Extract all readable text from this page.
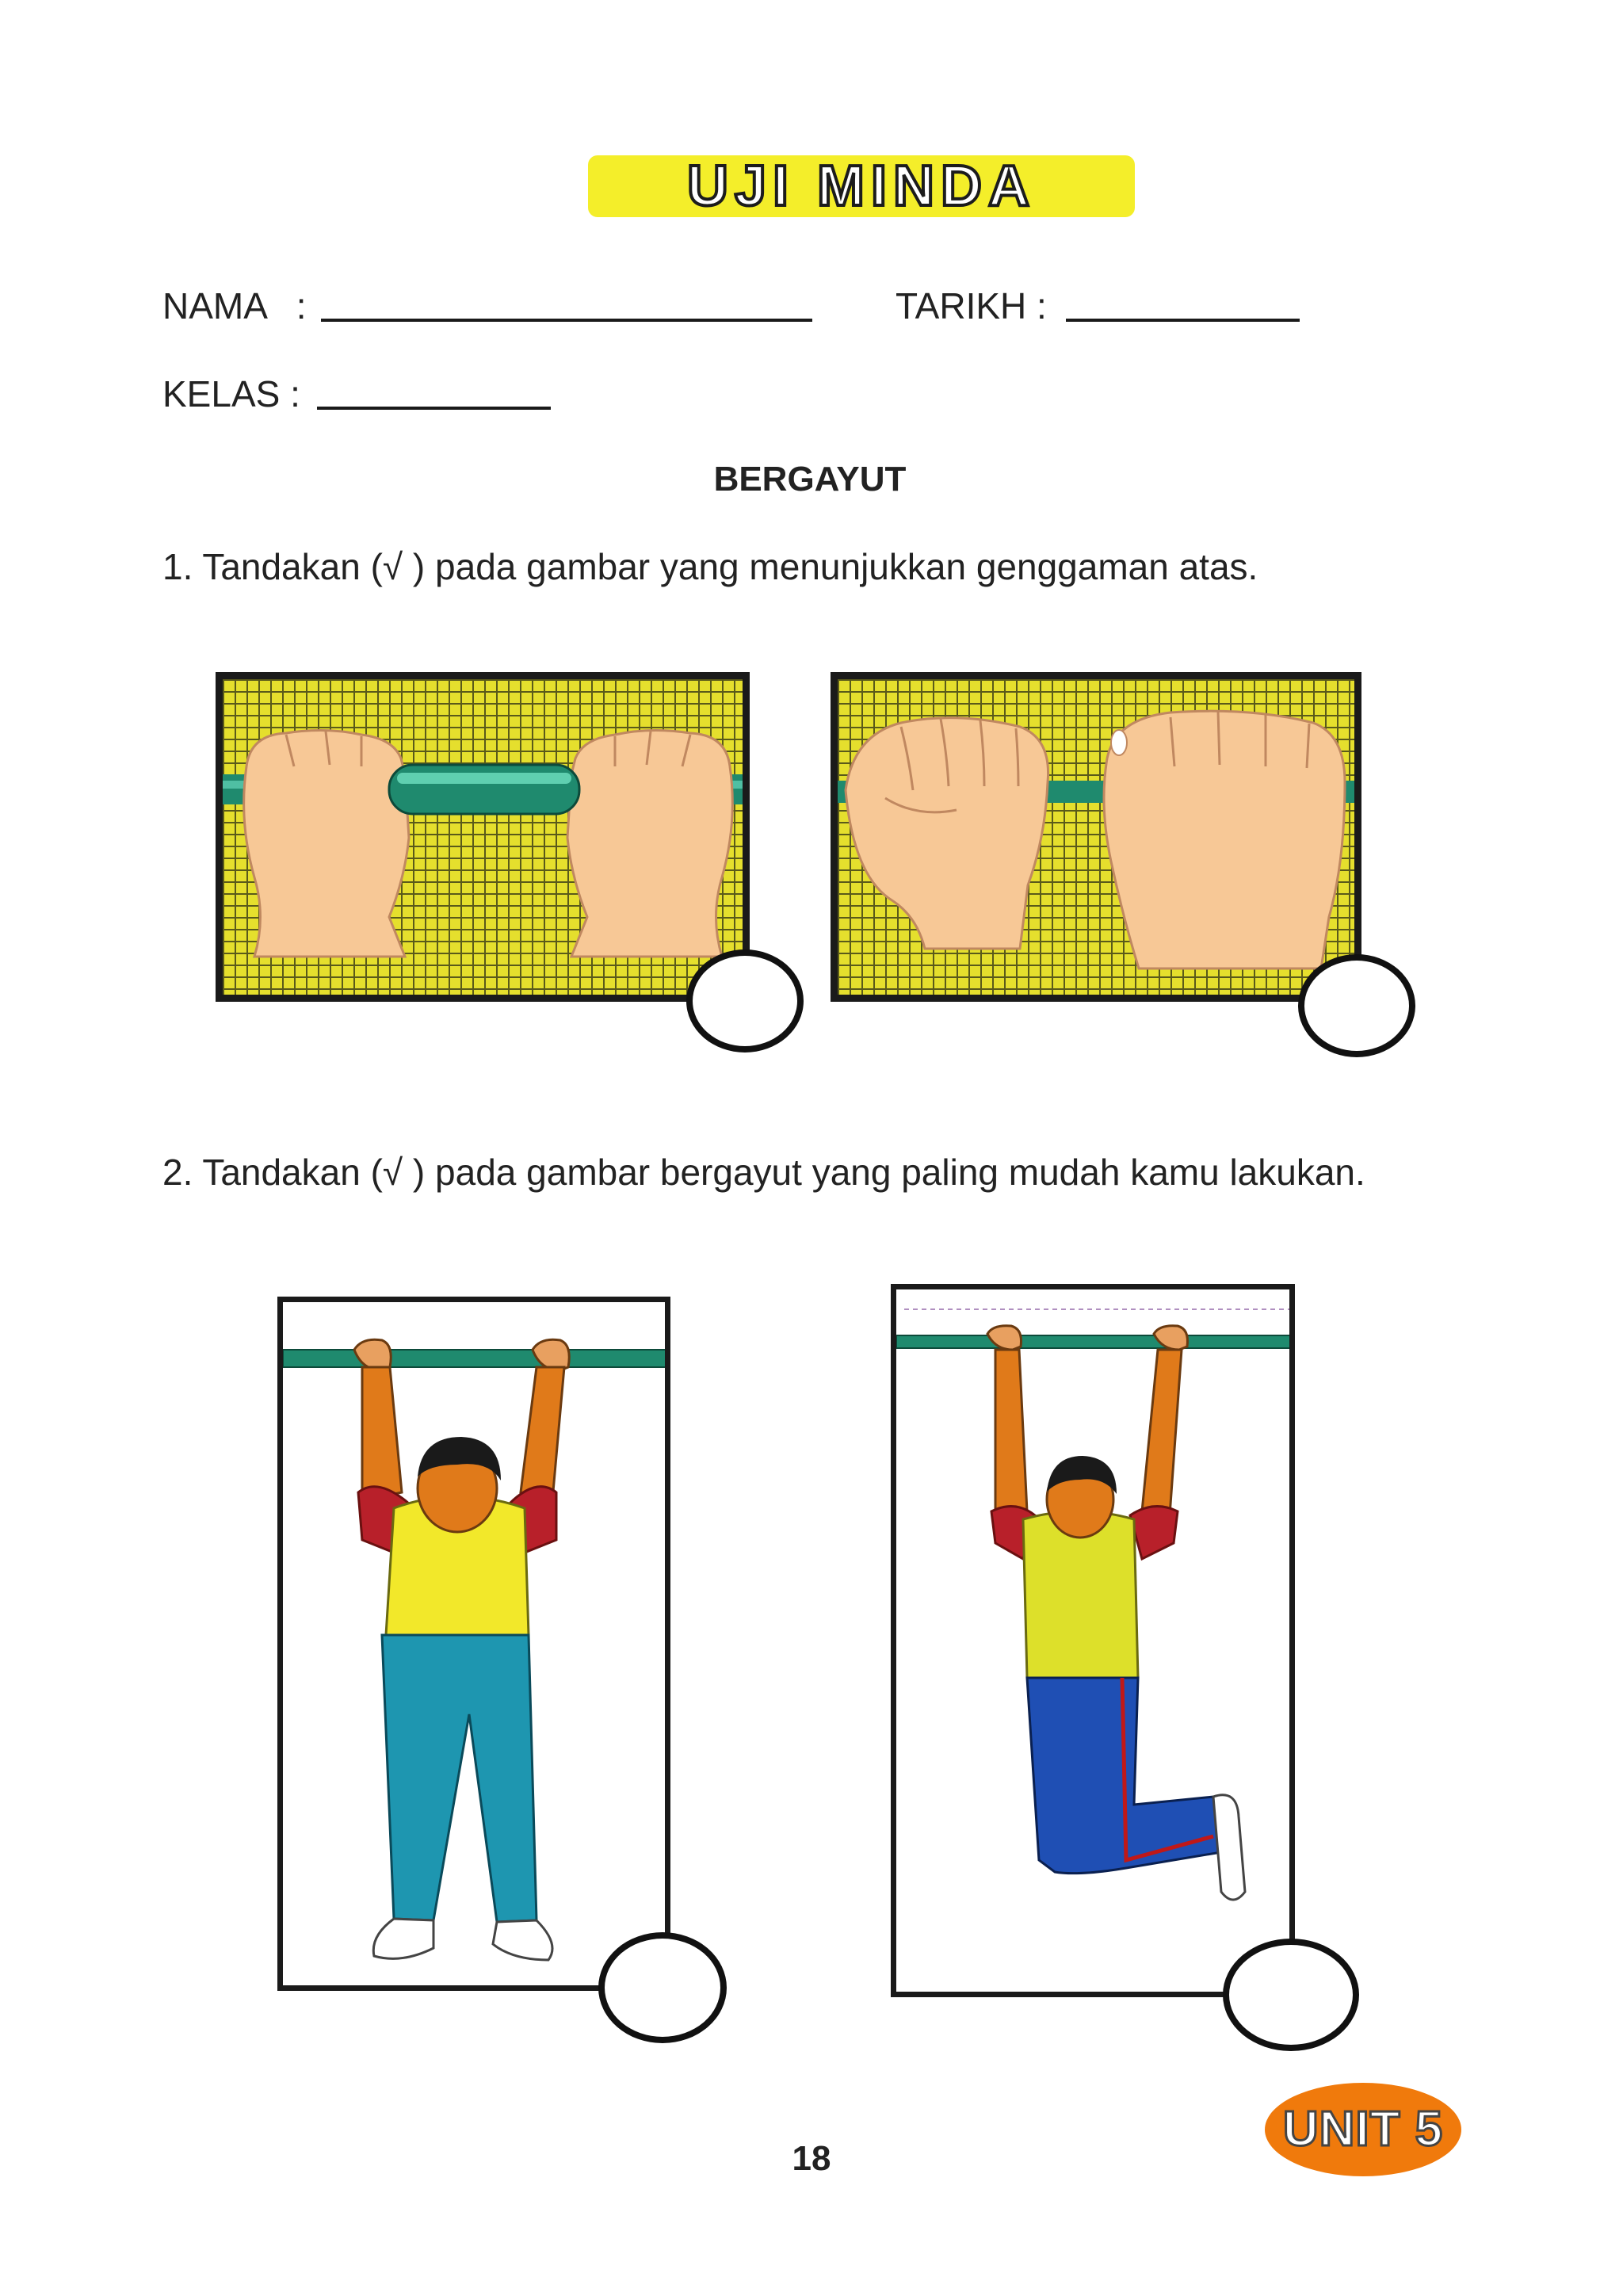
UJI MINDA
NAMA   :	TARIKH :
KELAS :
BERGAYUT
1. Tandakan (√ ) pada gambar yang menunjukkan genggaman atas.
2. Tandakan (√ ) pada gambar bergayut yang paling mudah kamu lakukan.
18
UNIT 5
